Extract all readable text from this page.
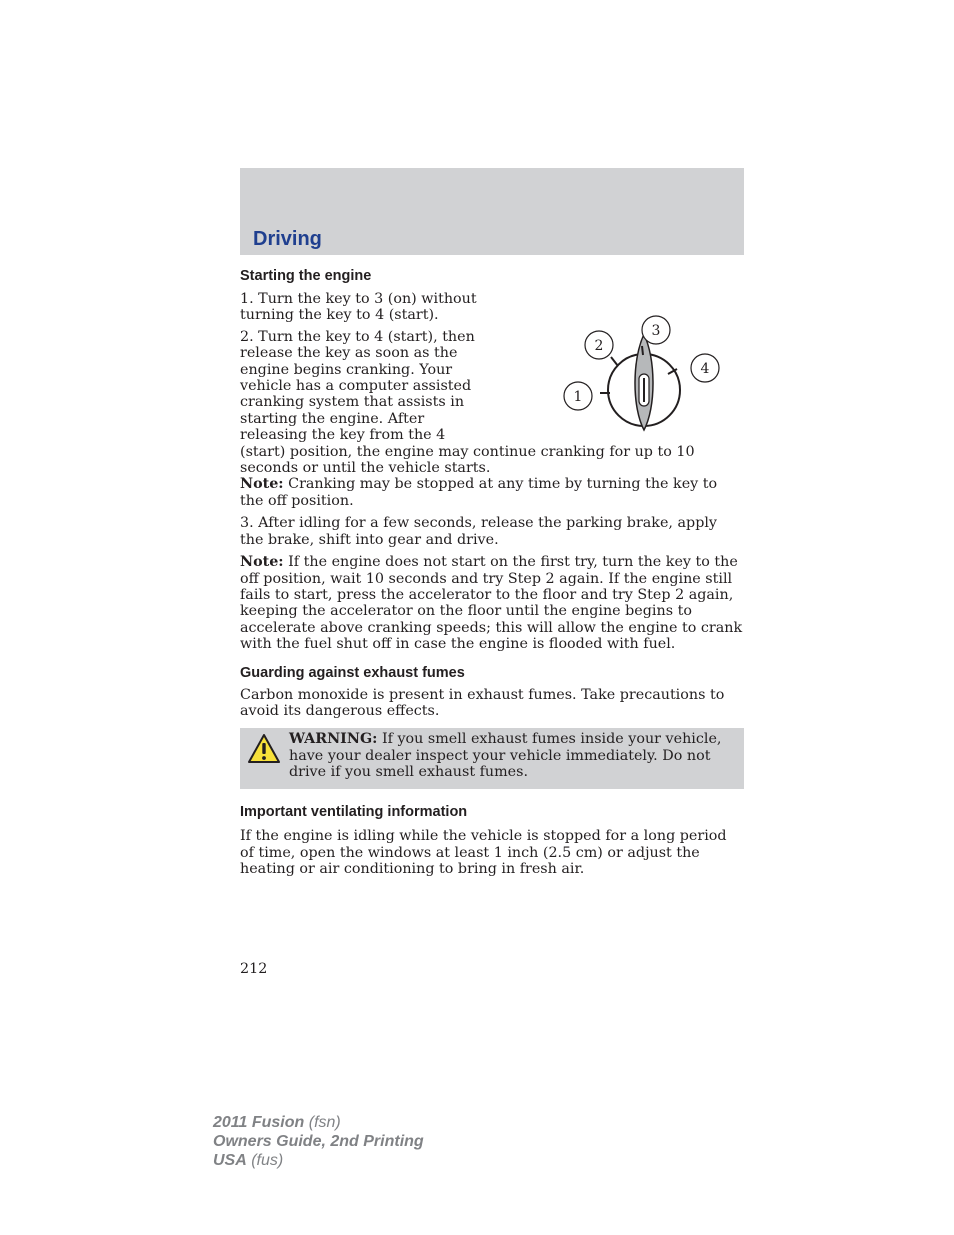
Driving
Starting the engine
1
2
3
4

1. Turn the key to 3 (on) without turning the key to 4 (start).

2. Turn the key to 4 (start), then release the key as soon as the engine begins cranking. Your vehicle has a computer assisted cranking system that assists in starting the engine. After releasing the key from the 4 (start) position, the engine may continue cranking for up to 10 seconds or until the vehicle starts.

Note: Cranking may be stopped at any time by turning the key to the off position.

3. After idling for a few seconds, release the parking brake, apply the brake, shift into gear and drive.

Note: If the engine does not start on the first try, turn the key to the off position, wait 10 seconds and try Step 2 again. If the engine still fails to start, press the accelerator to the floor and try Step 2 again, keeping the accelerator on the floor until the engine begins to accelerate above cranking speeds; this will allow the engine to crank with the fuel shut off in case the engine is flooded with fuel.

Guarding against exhaust fumes

Carbon monoxide is present in exhaust fumes. Take precautions to avoid its dangerous effects.

WARNING: If you smell exhaust fumes inside your vehicle, have your dealer inspect your vehicle immediately. Do not drive if you smell exhaust fumes.
Important ventilating information

If the engine is idling while the vehicle is stopped for a long period of time, open the windows at least 1 inch (2.5 cm) or adjust the heating or air conditioning to bring in fresh air.

212
2011 Fusion (fsn)
Owners Guide, 2nd Printing
USA (fus)
